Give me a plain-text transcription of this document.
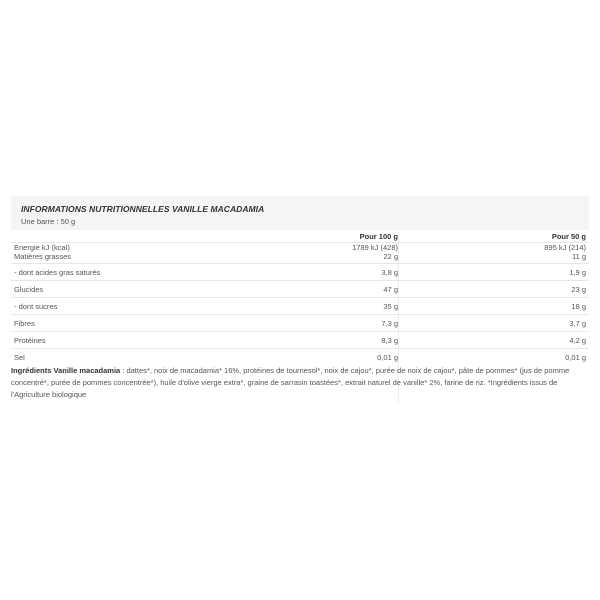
INFORMATIONS NUTRITIONNELLES VANILLE MACADAMIA
Une barre : 50 g
Pour 100 g	Pour 50 g
Energie kJ (kcal)	1789 kJ (428)	895 kJ (214)
Matières grasses	22 g	11 g
- dont acides gras saturés	3,8 g	1,9 g
Glucides	47 g	23 g
- dont sucres	35 g	18 g
Fibres	7,3 g	3,7 g
Protéines	8,3 g	4,2 g
Sel	0,01 g	0,01 g
Ingrédients Vanille macadamia : dattes*, noix de macadamia* 16%, protéines de tournesol*, noix de cajou*, purée de noix de cajou*, pâte de pommes* (jus de pomme concentré*, purée de pommes concentrée*), huile d'olive vierge extra*, graine de sarrasin toastées*, extrait naturel de vanille* 2%, farine de riz. *Ingrédients issus de l'Agriculture biologique
